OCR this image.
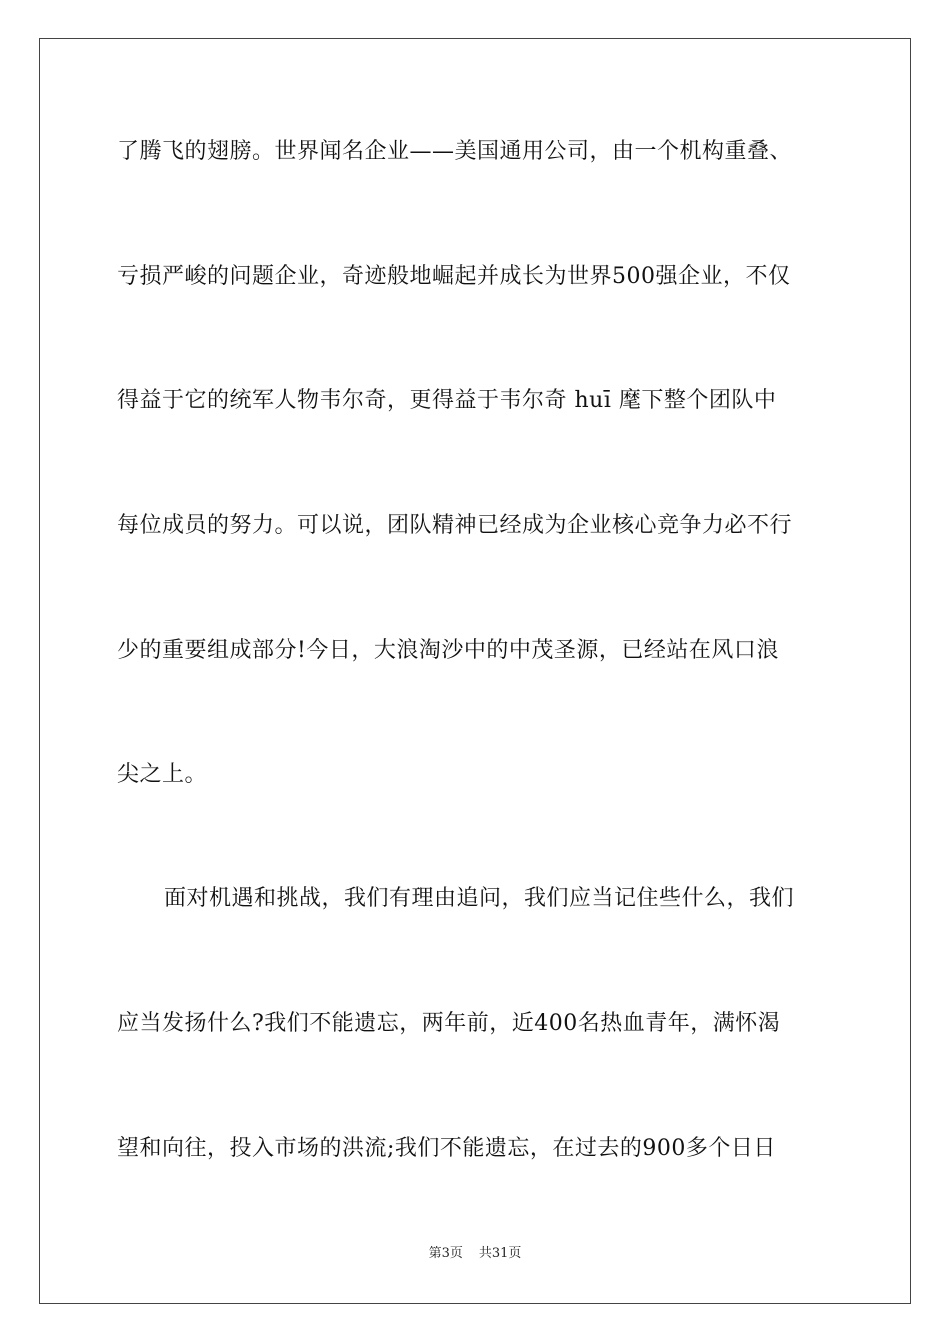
了腾飞的翅膀。世界闻名企业——美国通用公司，由一个机构重叠、
亏损严峻的问题企业，奇迹般地崛起并成长为世界500强企业，不仅
得益于它的统军人物韦尔奇，更得益于韦尔奇 huī 麾下整个团队中
每位成员的努力。可以说，团队精神已经成为企业核心竞争力必不行
少的重要组成部分!今日，大浪淘沙中的中茂圣源，已经站在风口浪
尖之上。
面对机遇和挑战，我们有理由追问，我们应当记住些什么，我们
应当发扬什么?我们不能遗忘，两年前，近400名热血青年，满怀渴
望和向往，投入市场的洪流;我们不能遗忘，在过去的900多个日日
第3页 共31页
